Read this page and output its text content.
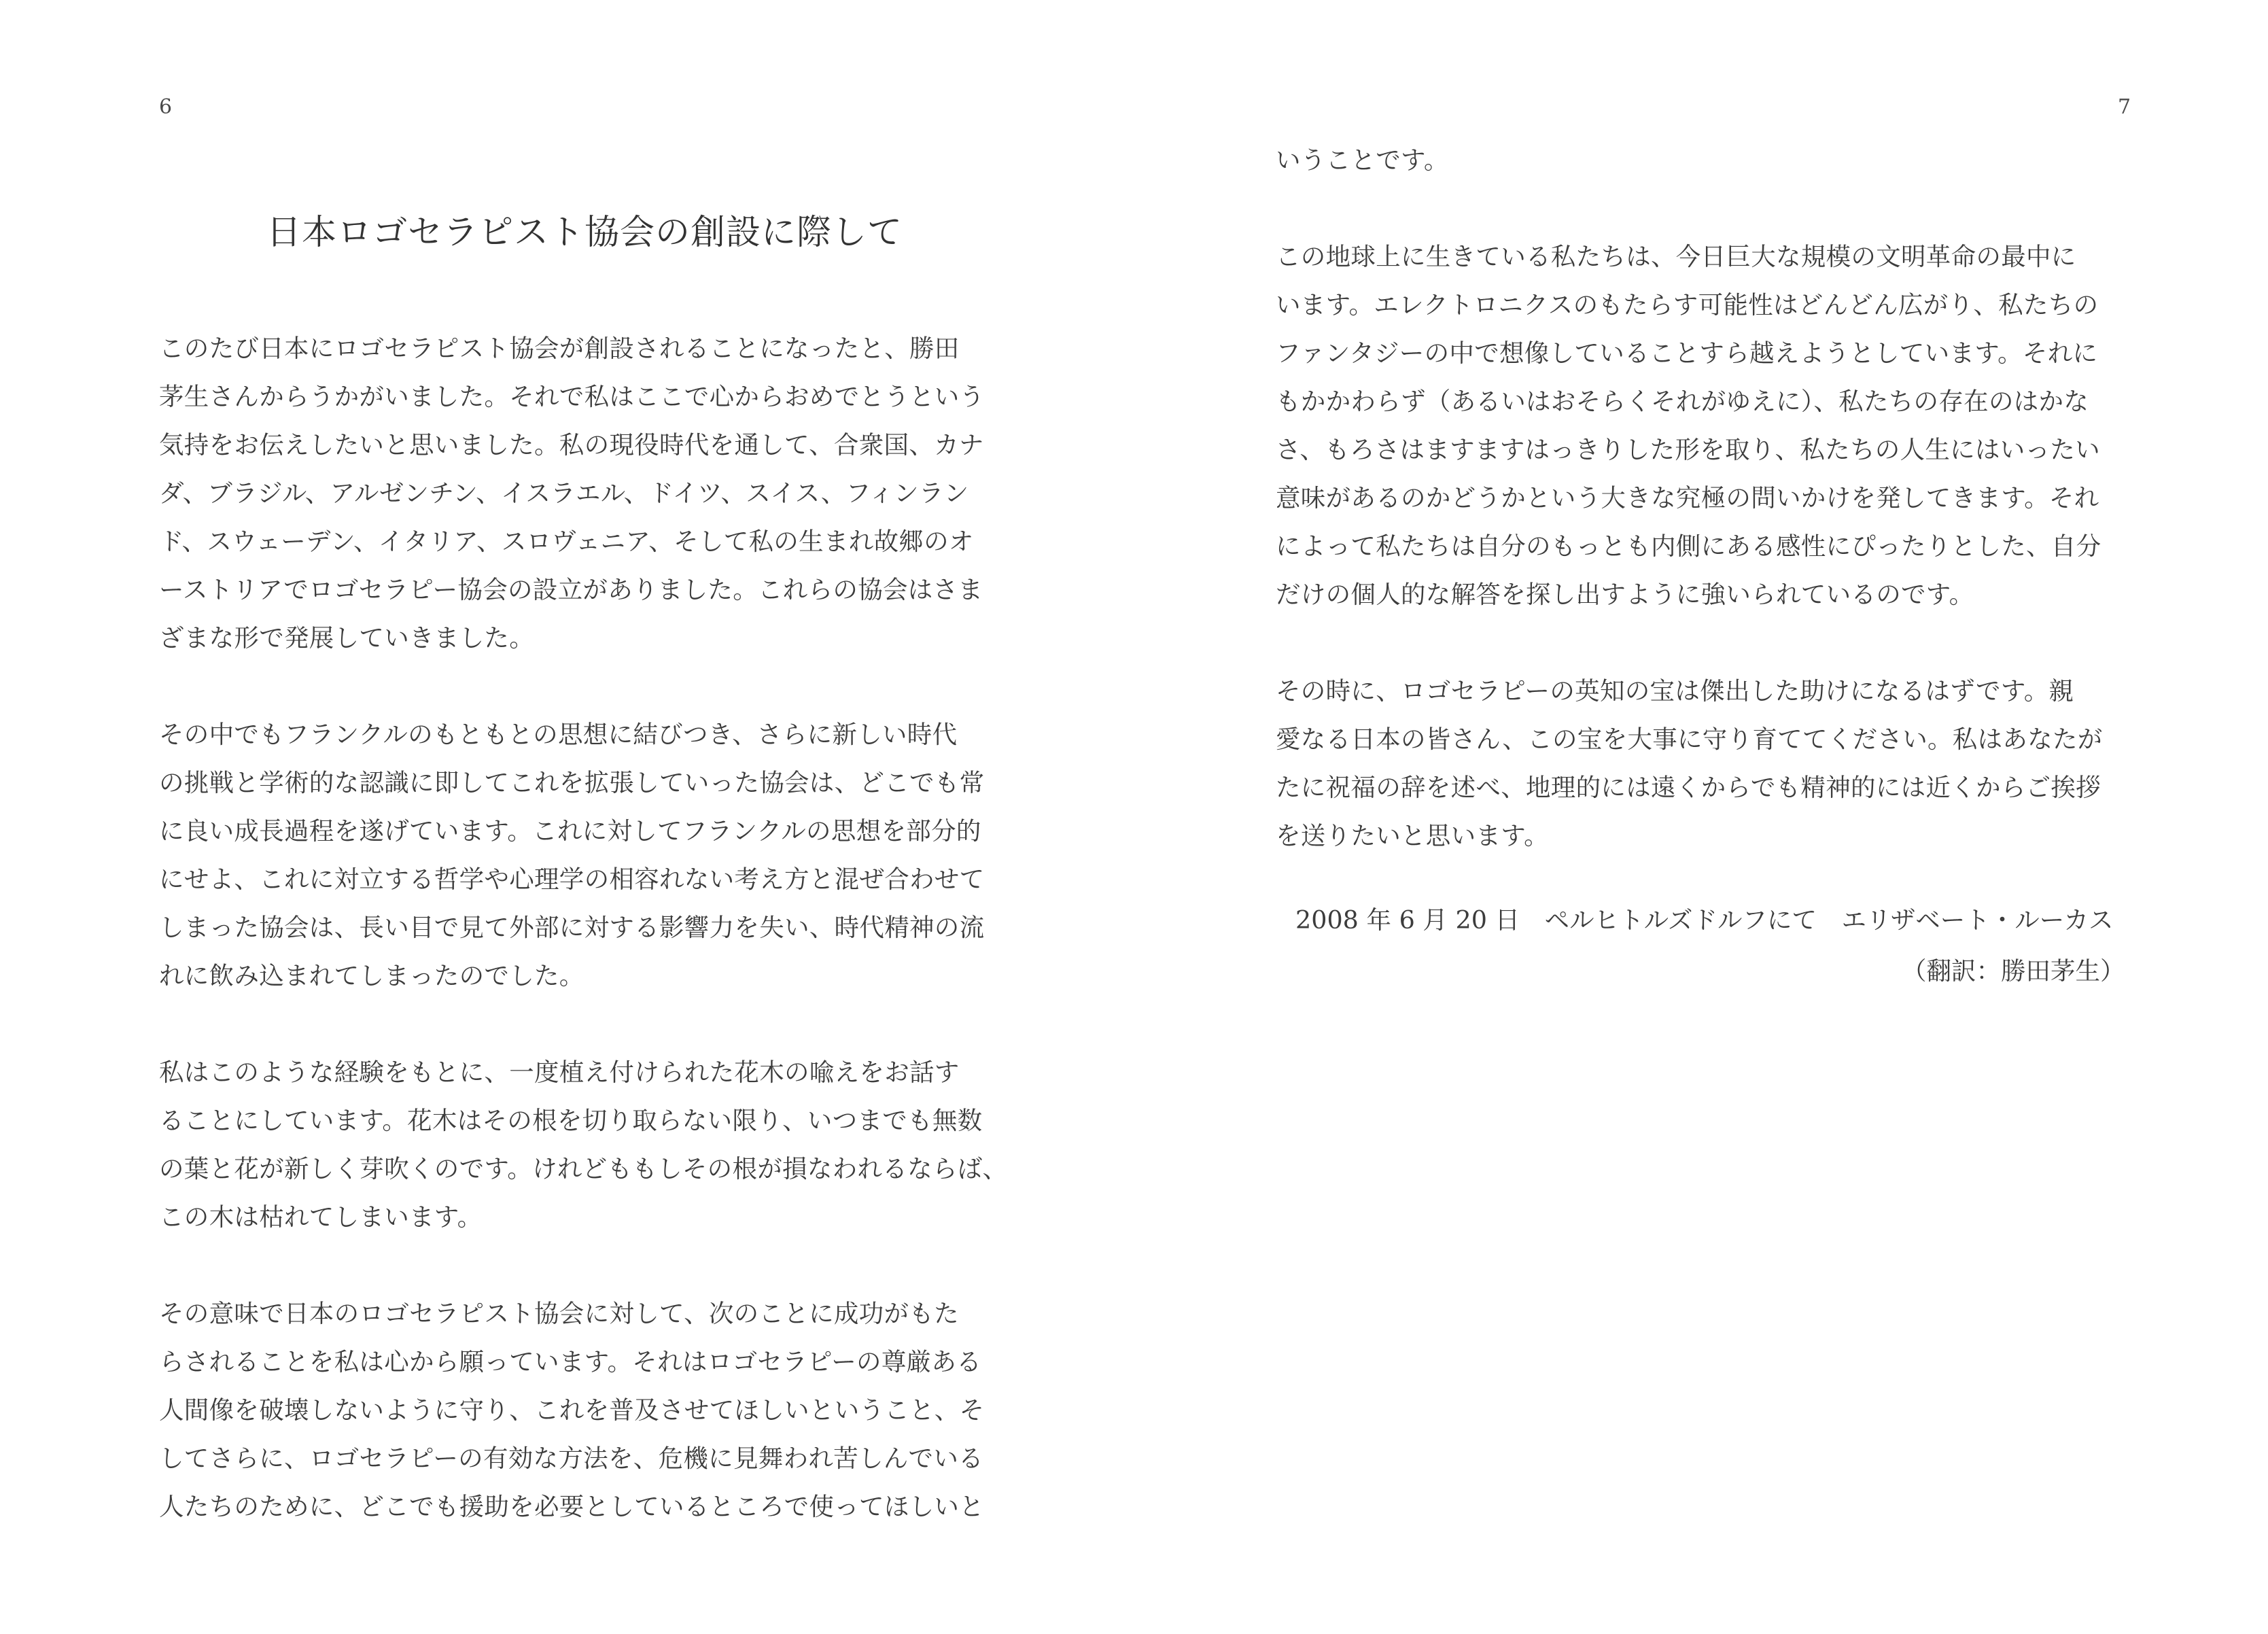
6
日本ロゴセラピスト協会の創設に際して
このたび日本にロゴセラピスト協会が創設されることになったと、勝田
茅生さんからうかがいました。それで私はここで心からおめでとうという
気持をお伝えしたいと思いました。私の現役時代を通して、合衆国、カナ
ダ、ブラジル、アルゼンチン、イスラエル、ドイツ、スイス、フィンラン
ド、スウェーデン、イタリア、スロヴェニア、そして私の生まれ故郷のオ
ーストリアでロゴセラピー協会の設立がありました。これらの協会はさま
ざまな形で発展していきました。
その中でもフランクルのもともとの思想に結びつき、さらに新しい時代
の挑戦と学術的な認識に即してこれを拡張していった協会は、どこでも常
に良い成長過程を遂げています。これに対してフランクルの思想を部分的
にせよ、これに対立する哲学や心理学の相容れない考え方と混ぜ合わせて
しまった協会は、長い目で見て外部に対する影響力を失い、時代精神の流
れに飲み込まれてしまったのでした。
私はこのような経験をもとに、一度植え付けられた花木の喩えをお話す
ることにしています。花木はその根を切り取らない限り、いつまでも無数
の葉と花が新しく芽吹くのです。けれどももしその根が損なわれるならば、
この木は枯れてしまいます。
その意味で日本のロゴセラピスト協会に対して、次のことに成功がもた
らされることを私は心から願っています。それはロゴセラピーの尊厳ある
人間像を破壊しないように守り、これを普及させてほしいということ、そ
してさらに、ロゴセラピーの有効な方法を、危機に見舞われ苦しんでいる
人たちのために、どこでも援助を必要としているところで使ってほしいと
7
いうことです。
この地球上に生きている私たちは、今日巨大な規模の文明革命の最中に
います。エレクトロニクスのもたらす可能性はどんどん広がり、私たちの
ファンタジーの中で想像していることすら越えようとしています。それに
もかかわらず（あるいはおそらくそれがゆえに）、私たちの存在のはかな
さ、もろさはますますはっきりした形を取り、私たちの人生にはいったい
意味があるのかどうかという大きな究極の問いかけを発してきます。それ
によって私たちは自分のもっとも内側にある感性にぴったりとした、自分
だけの個人的な解答を探し出すように強いられているのです。
その時に、ロゴセラピーの英知の宝は傑出した助けになるはずです。親
愛なる日本の皆さん、この宝を大事に守り育ててください。私はあなたが
たに祝福の辞を述べ、地理的には遠くからでも精神的には近くからご挨拶
を送りたいと思います。
2008 年 6 月 20 日　ペルヒトルズドルフにて　エリザベート・ルーカス
（翻訳：勝田茅生）
